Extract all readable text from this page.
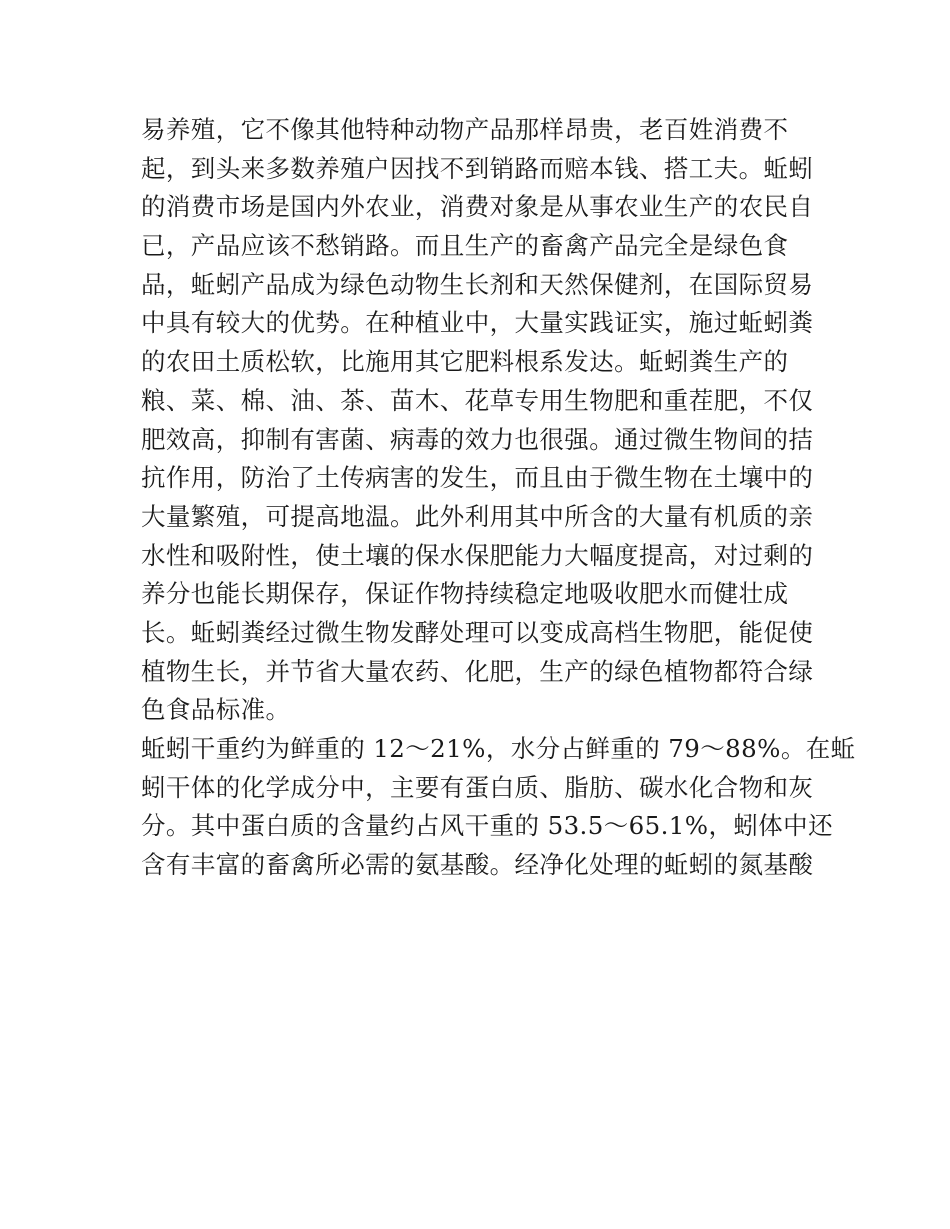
易养殖，它不像其他特种动物产品那样昂贵，老百姓消费不
起，到头来多数养殖户因找不到销路而赔本钱、搭工夫。蚯蚓
的消费市场是国内外农业，消费对象是从事农业生产的农民自
已，产品应该不愁销路。而且生产的畜禽产品完全是绿色食
品，蚯蚓产品成为绿色动物生长剂和天然保健剂，在国际贸易
中具有较大的优势。在种植业中，大量实践证实，施过蚯蚓粪
的农田土质松软，比施用其它肥料根系发达。蚯蚓粪生产的
粮、菜、棉、油、茶、苗木、花草专用生物肥和重茬肥，不仅
肥效高，抑制有害菌、病毒的效力也很强。通过微生物间的拮
抗作用，防治了土传病害的发生，而且由于微生物在土壤中的
大量繁殖，可提高地温。此外利用其中所含的大量有机质的亲
水性和吸附性，使土壤的保水保肥能力大幅度提高，对过剩的
养分也能长期保存，保证作物持续稳定地吸收肥水而健壮成
长。蚯蚓粪经过微生物发酵处理可以变成高档生物肥，能促使
植物生长，并节省大量农药、化肥，生产的绿色植物都符合绿
色食品标准。
蚯蚓干重约为鲜重的 12～21%，水分占鲜重的 79～88%。在蚯
蚓干体的化学成分中，主要有蛋白质、脂肪、碳水化合物和灰
分。其中蛋白质的含量约占风干重的 53.5～65.1%，蚓体中还
含有丰富的畜禽所必需的氨基酸。经净化处理的蚯蚓的氮基酸
